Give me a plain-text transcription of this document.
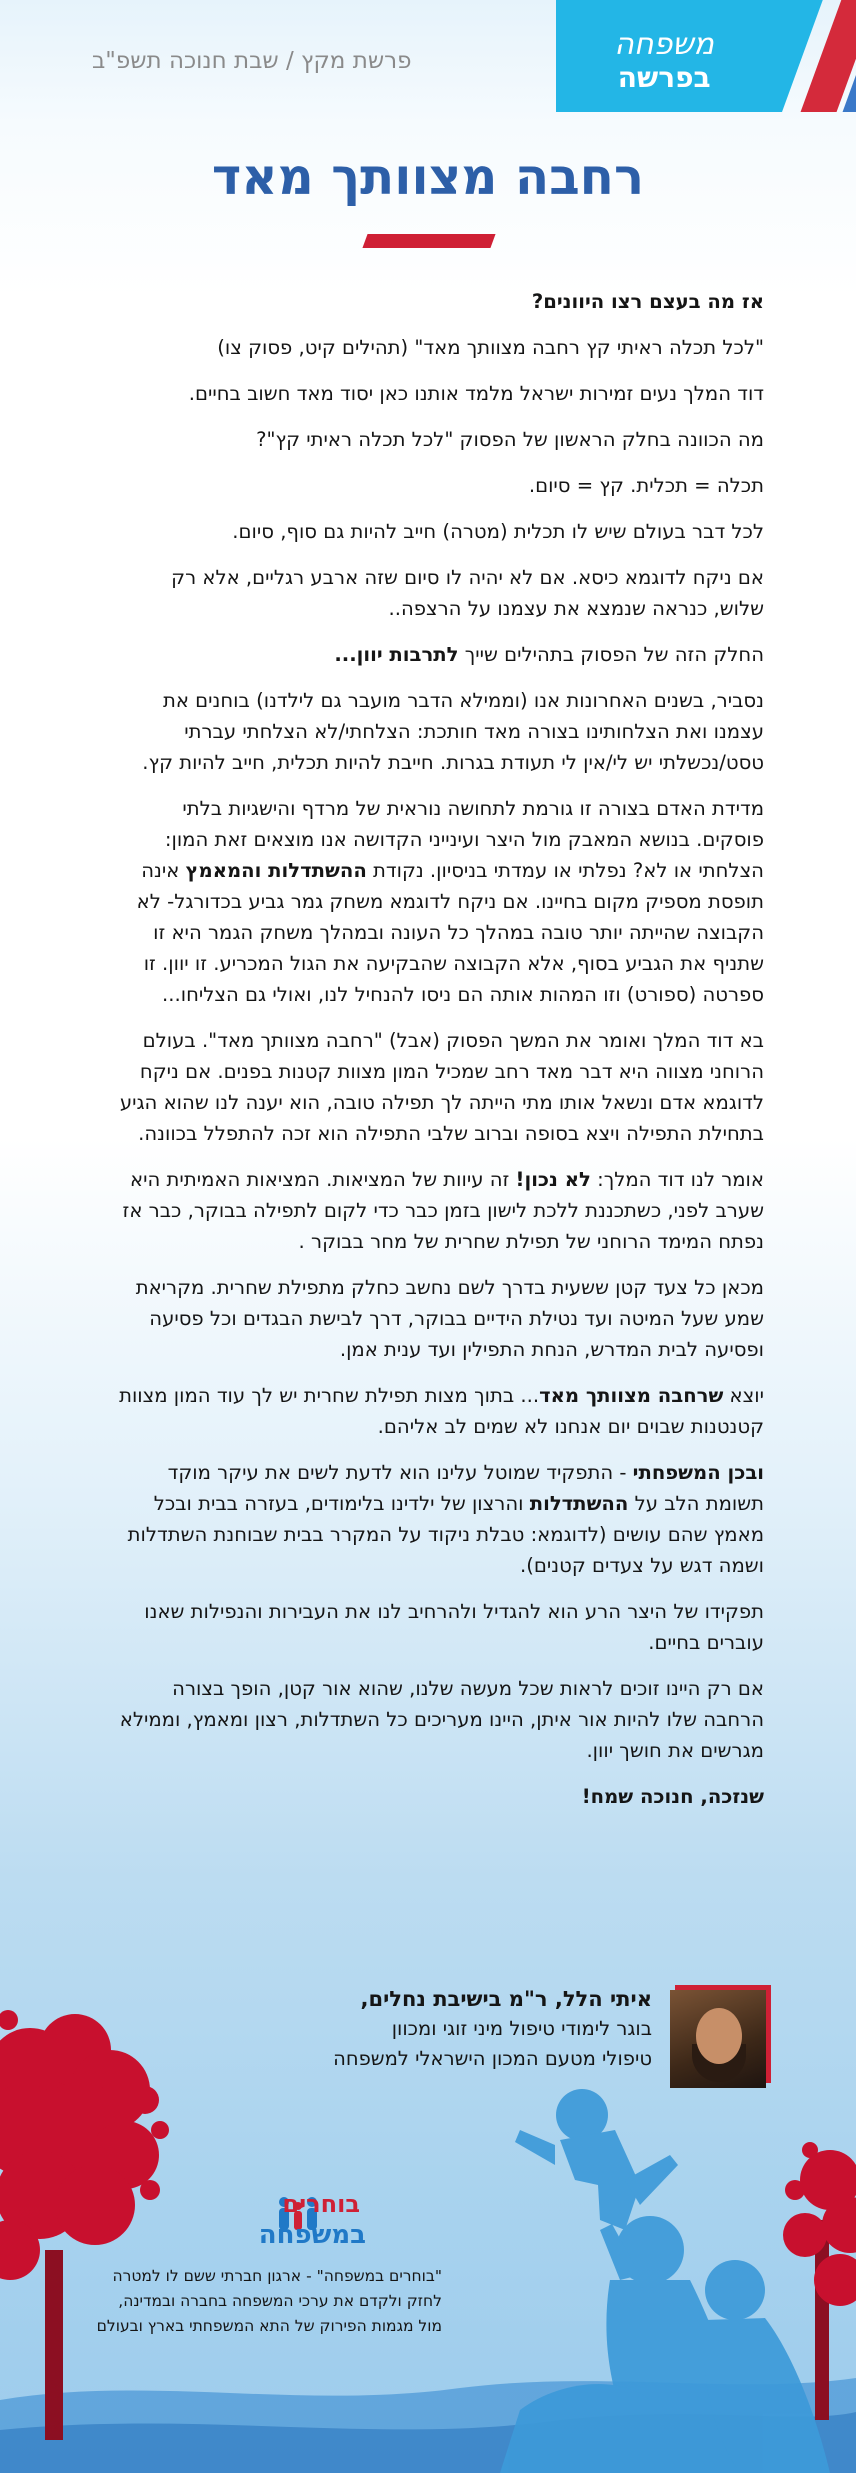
משפחה
בפרשה
פרשת מקץ / שבת חנוכה תשפ"ב
רחבה מצוותך מאד

אז מה בעצם רצו היוונים?

"לכל תכלה ראיתי קץ רחבה מצוותך מאד" (תהילים קיט, פסוק צו)

דוד המלך נעים זמירות ישראל מלמד אותנו כאן יסוד מאד חשוב בחיים.

מה הכוונה בחלק הראשון של הפסוק "לכל תכלה ראיתי קץ"?

תכלה = תכלית. קץ = סיום.

לכל דבר בעולם שיש לו תכלית (מטרה) חייב להיות גם סוף, סיום.

אם ניקח לדוגמא כיסא. אם לא יהיה לו סיום שזה ארבע רגליים, אלא רק שלוש, כנראה שנמצא את עצמנו על הרצפה..

החלק הזה של הפסוק בתהילים שייך לתרבות יוון...

נסביר, בשנים האחרונות אנו (וממילא הדבר מועבר גם לילדנו) בוחנים את עצמנו ואת הצלחותינו בצורה מאד חותכת: הצלחתי/לא הצלחתי עברתי טסט/נכשלתי יש לי/אין לי תעודת בגרות. חייבת להיות תכלית, חייב להיות קץ.

מדידת האדם בצורה זו גורמת לתחושה נוראית של מרדף והישגיות בלתי פוסקים. בנושא המאבק מול היצר ועינייני הקדושה אנו מוצאים זאת המון: הצלחתי או לא? נפלתי או עמדתי בניסיון. נקודת ההשתדלות והמאמץ אינה תופסת מספיק מקום בחיינו. אם ניקח לדוגמא משחק גמר גביע בכדורגל- לא הקבוצה שהייתה יותר טובה במהלך כל העונה ובמהלך משחק הגמר היא זו שתניף את הגביע בסוף, אלא הקבוצה שהבקיעה את הגול המכריע. זו יוון. זו ספרטה (ספורט) וזו המהות אותה הם ניסו להנחיל לנו, ואולי גם הצליחו...

בא דוד המלך ואומר את המשך הפסוק (אבל) "רחבה מצוותך מאד". בעולם הרוחני מצווה היא דבר מאד רחב שמכיל המון מצוות קטנות בפנים. אם ניקח לדוגמא אדם ונשאל אותו מתי הייתה לך תפילה טובה, הוא יענה לנו שהוא הגיע בתחילת התפילה ויצא בסופה וברוב שלבי התפילה הוא זכה להתפלל בכוונה.

אומר לנו דוד המלך: לא נכון! זה עיוות של המציאות. המציאות האמיתית היא שערב לפני, כשתכננת ללכת לישון בזמן כבר כדי לקום לתפילה בבוקר, כבר אז נפתח המימד הרוחני של תפילת שחרית של מחר בבוקר .

מכאן כל צעד קטן ששעית בדרך לשם נחשב כחלק מתפילת שחרית. מקריאת שמע שעל המיטה ועד נטילת הידיים בבוקר, דרך לבישת הבגדים וכל פסיעה ופסיעה לבית המדרש, הנחת התפילין ועד ענית אמן.

יוצא שרחבה מצוותך מאד... בתוך מצות תפילת שחרית יש לך עוד המון מצוות קטנטנות שבוים יום אנחנו לא שמים לב אליהם.

ובכן המשפחתי - התפקיד שמוטל עלינו הוא לדעת לשים את עיקר מוקד תשומת הלב על ההשתדלות והרצון של ילדינו בלימודים, בעזרה בבית ובכל מאמץ שהם עושים (לדוגמא: טבלת ניקוד על המקרר בבית שבוחנת השתדלות ושמה דגש על צעדים קטנים).

תפקידו של היצר הרע הוא להגדיל ולהרחיב לנו את העבירות והנפילות שאנו עוברים בחיים.

אם רק היינו זוכים לראות שכל מעשה שלנו, שהוא אור קטן, הופך בצורה הרחבה שלו להיות אור איתן, היינו מעריכים כל השתדלות, רצון ומאמץ, וממילא מגרשים את חושך יוון.

שנזכה, חנוכה שמח!

איתי הלל, ר"מ בישיבת נחלים,
בוגר לימודי טיפול מיני זוגי ומכוון
טיפולי מטעם המכון הישראלי למשפחה
בוחרים
במשפחה
"בוחרים במשפחה" - ארגון חברתי ששם לו למטרה
לחזק ולקדם את ערכי המשפחה בחברה ובמדינה,
מול מגמות הפירוק של התא המשפחתי בארץ ובעולם
